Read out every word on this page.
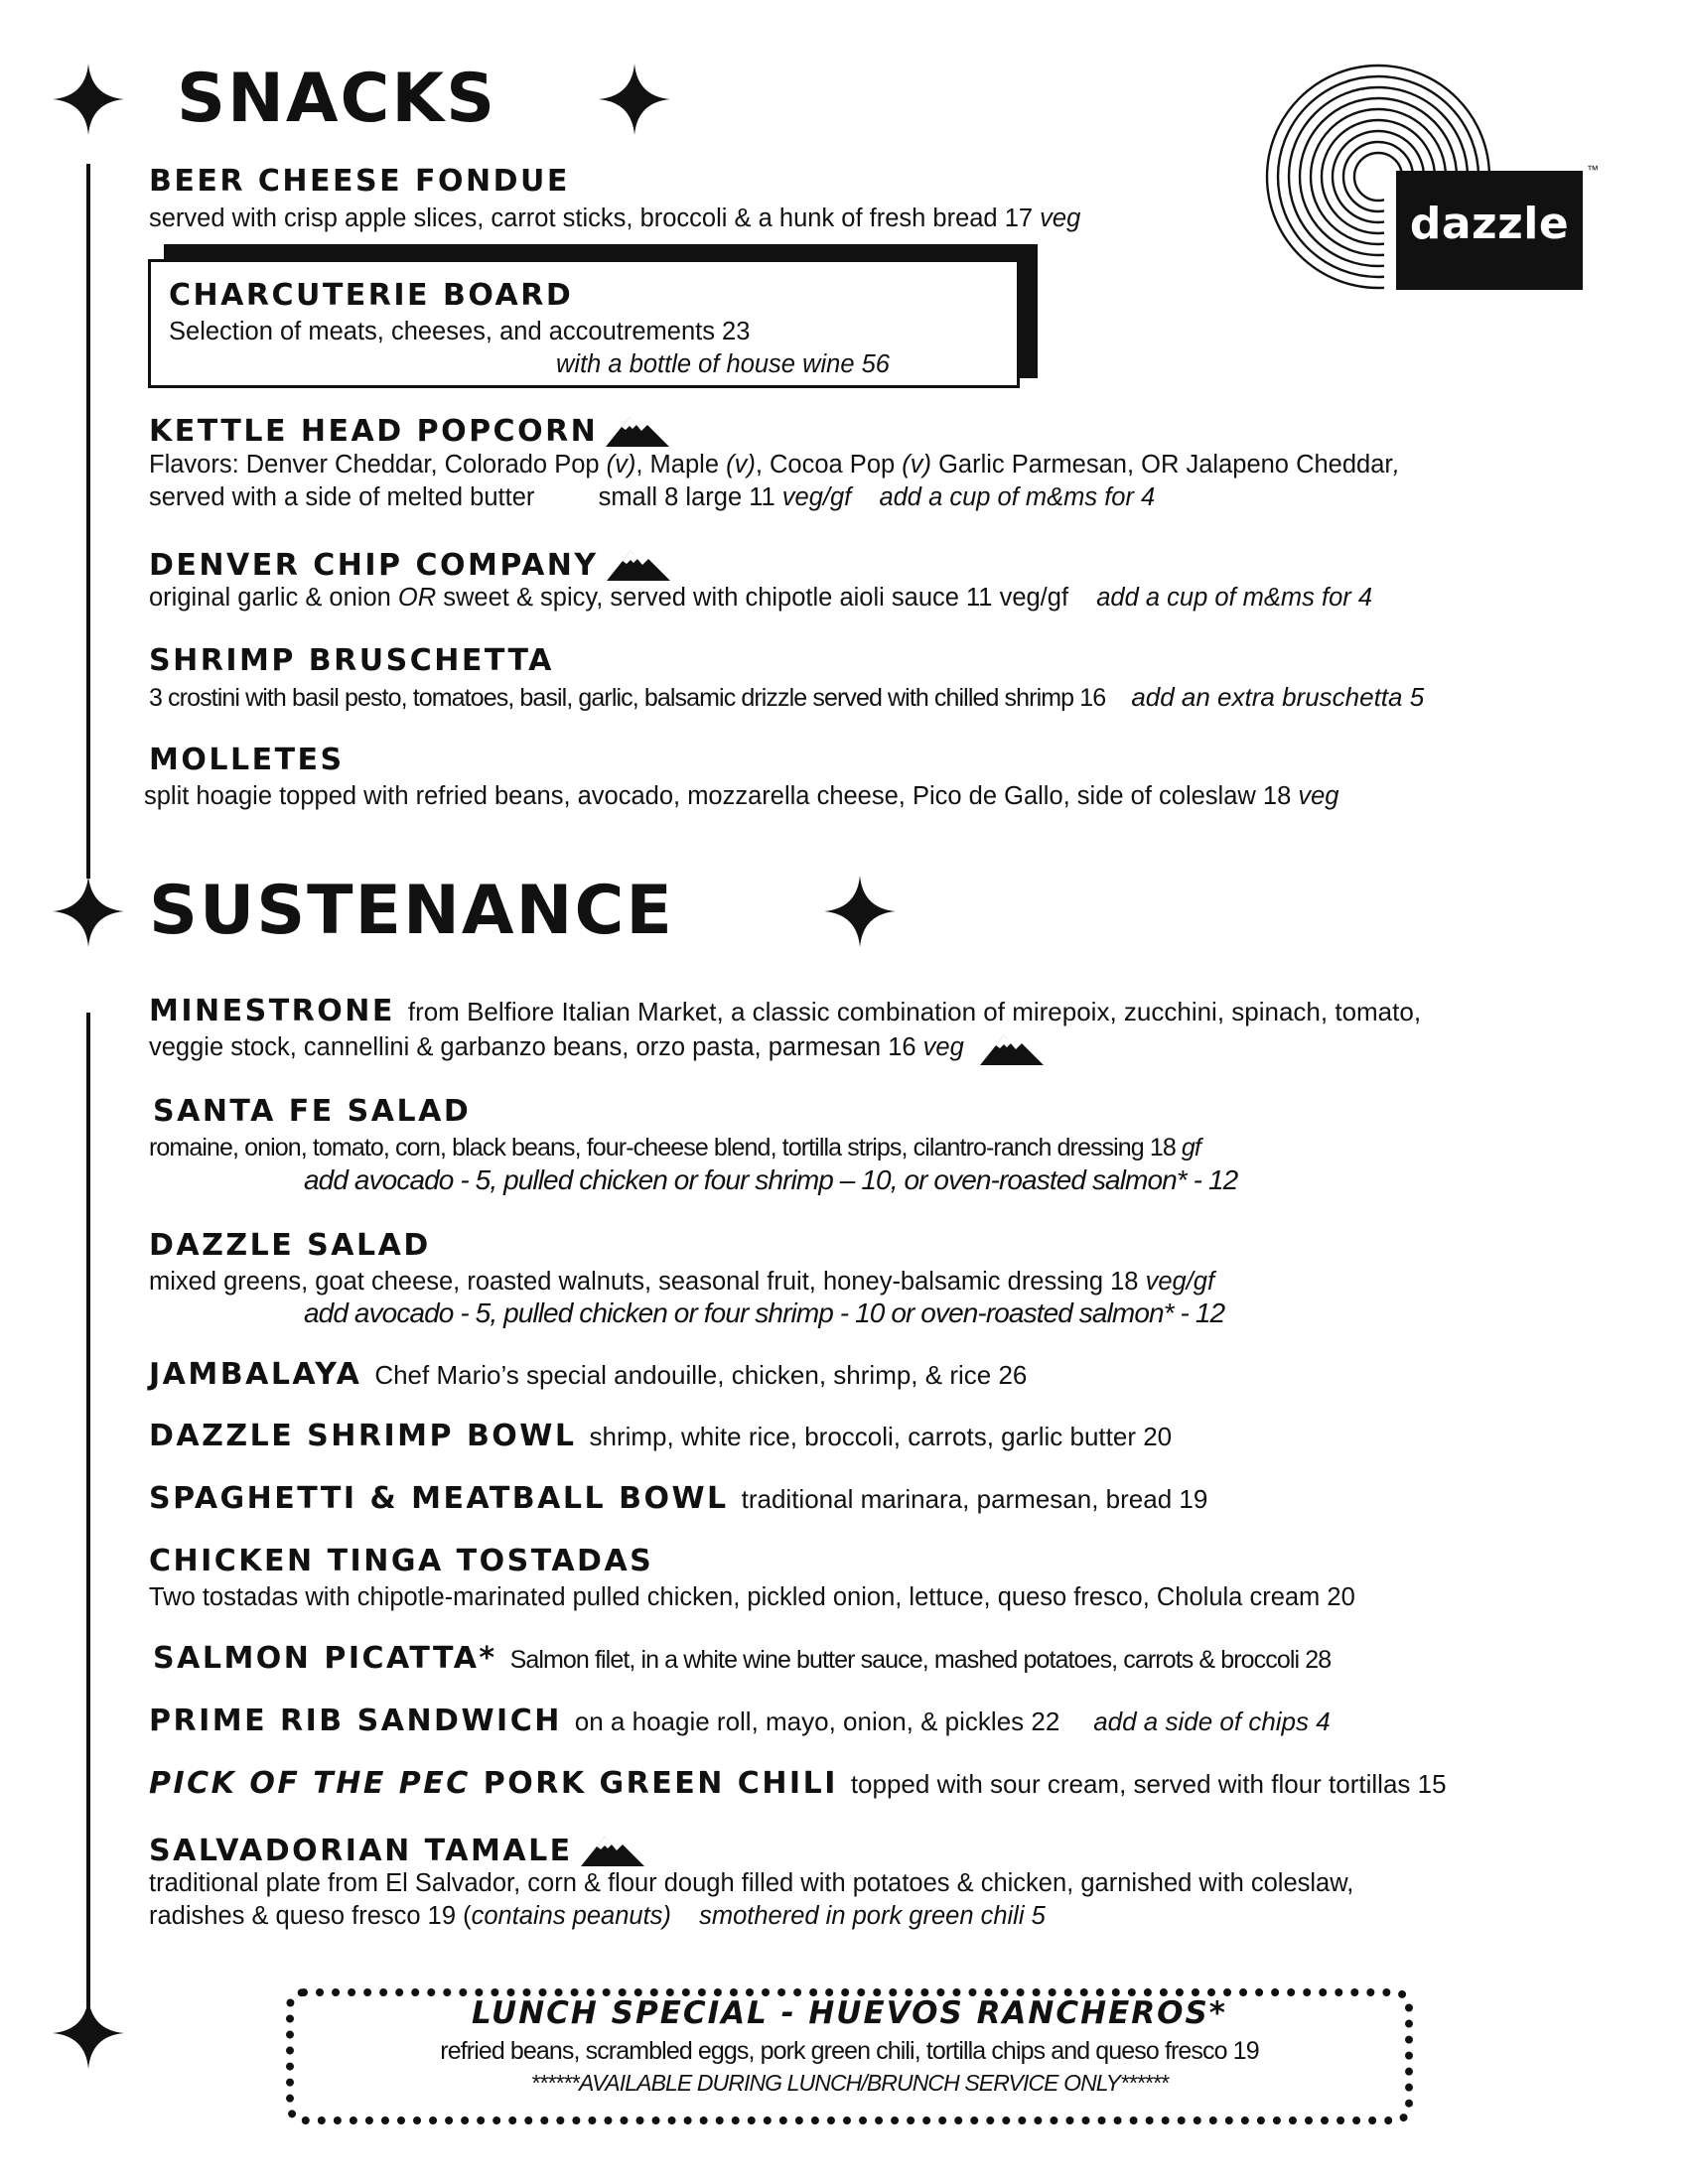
dazzle
™
SNACKS
BEER CHEESE FONDUE
served with crisp apple slices, carrot sticks, broccoli & a hunk of fresh bread 17 veg
CHARCUTERIE BOARD
Selection of meats, cheeses, and accoutrements 23
with a bottle of house wine 56
KETTLE HEAD POPCORN
Flavors: Denver Cheddar, Colorado Pop (v), Maple (v), Cocoa Pop (v) Garlic Parmesan, OR Jalapeno Cheddar,
served with a side of melted butter	small 8 large 11 veg/gf add a cup of m&ms for 4
DENVER CHIP COMPANY
original garlic & onion OR sweet & spicy, served with chipotle aioli sauce 11 veg/gf add a cup of m&ms for 4
SHRIMP BRUSCHETTA
3 crostini with basil pesto, tomatoes, basil, garlic, balsamic drizzle served with chilled shrimp 16 add an extra bruschetta 5
MOLLETES
split hoagie topped with refried beans, avocado, mozzarella cheese, Pico de Gallo, side of coleslaw 18 veg
SUSTENANCE
MINESTRONE from Belfiore Italian Market, a classic combination of mirepoix, zucchini, spinach, tomato,
veggie stock, cannellini & garbanzo beans, orzo pasta, parmesan 16 veg
SANTA FE SALAD
romaine, onion, tomato, corn, black beans, four-cheese blend, tortilla strips, cilantro-ranch dressing 18 gf
add avocado - 5, pulled chicken or four shrimp – 10, or oven-roasted salmon* - 12
DAZZLE SALAD
mixed greens, goat cheese, roasted walnuts, seasonal fruit, honey-balsamic dressing 18 veg/gf
add avocado - 5, pulled chicken or four shrimp - 10 or oven-roasted salmon* - 12
JAMBALAYA Chef Mario’s special andouille, chicken, shrimp, & rice 26
DAZZLE SHRIMP BOWL shrimp, white rice, broccoli, carrots, garlic butter 20
SPAGHETTI & MEATBALL BOWL traditional marinara, parmesan, bread 19
CHICKEN TINGA TOSTADAS
Two tostadas with chipotle-marinated pulled chicken, pickled onion, lettuce, queso fresco, Cholula cream 20
SALMON PICATTA* Salmon filet, in a white wine butter sauce, mashed potatoes, carrots & broccoli 28
PRIME RIB SANDWICH on a hoagie roll, mayo, onion, & pickles 22 add a side of chips 4
PICK OF THE PEC PORK GREEN CHILI topped with sour cream, served with flour tortillas 15
SALVADORIAN TAMALE
traditional plate from El Salvador, corn & flour dough filled with potatoes & chicken, garnished with coleslaw,
radishes & queso fresco 19 (contains peanuts) smothered in pork green chili 5
LUNCH SPECIAL - HUEVOS RANCHEROS*
refried beans, scrambled eggs, pork green chili, tortilla chips and queso fresco 19
******AVAILABLE DURING LUNCH/BRUNCH SERVICE ONLY******
